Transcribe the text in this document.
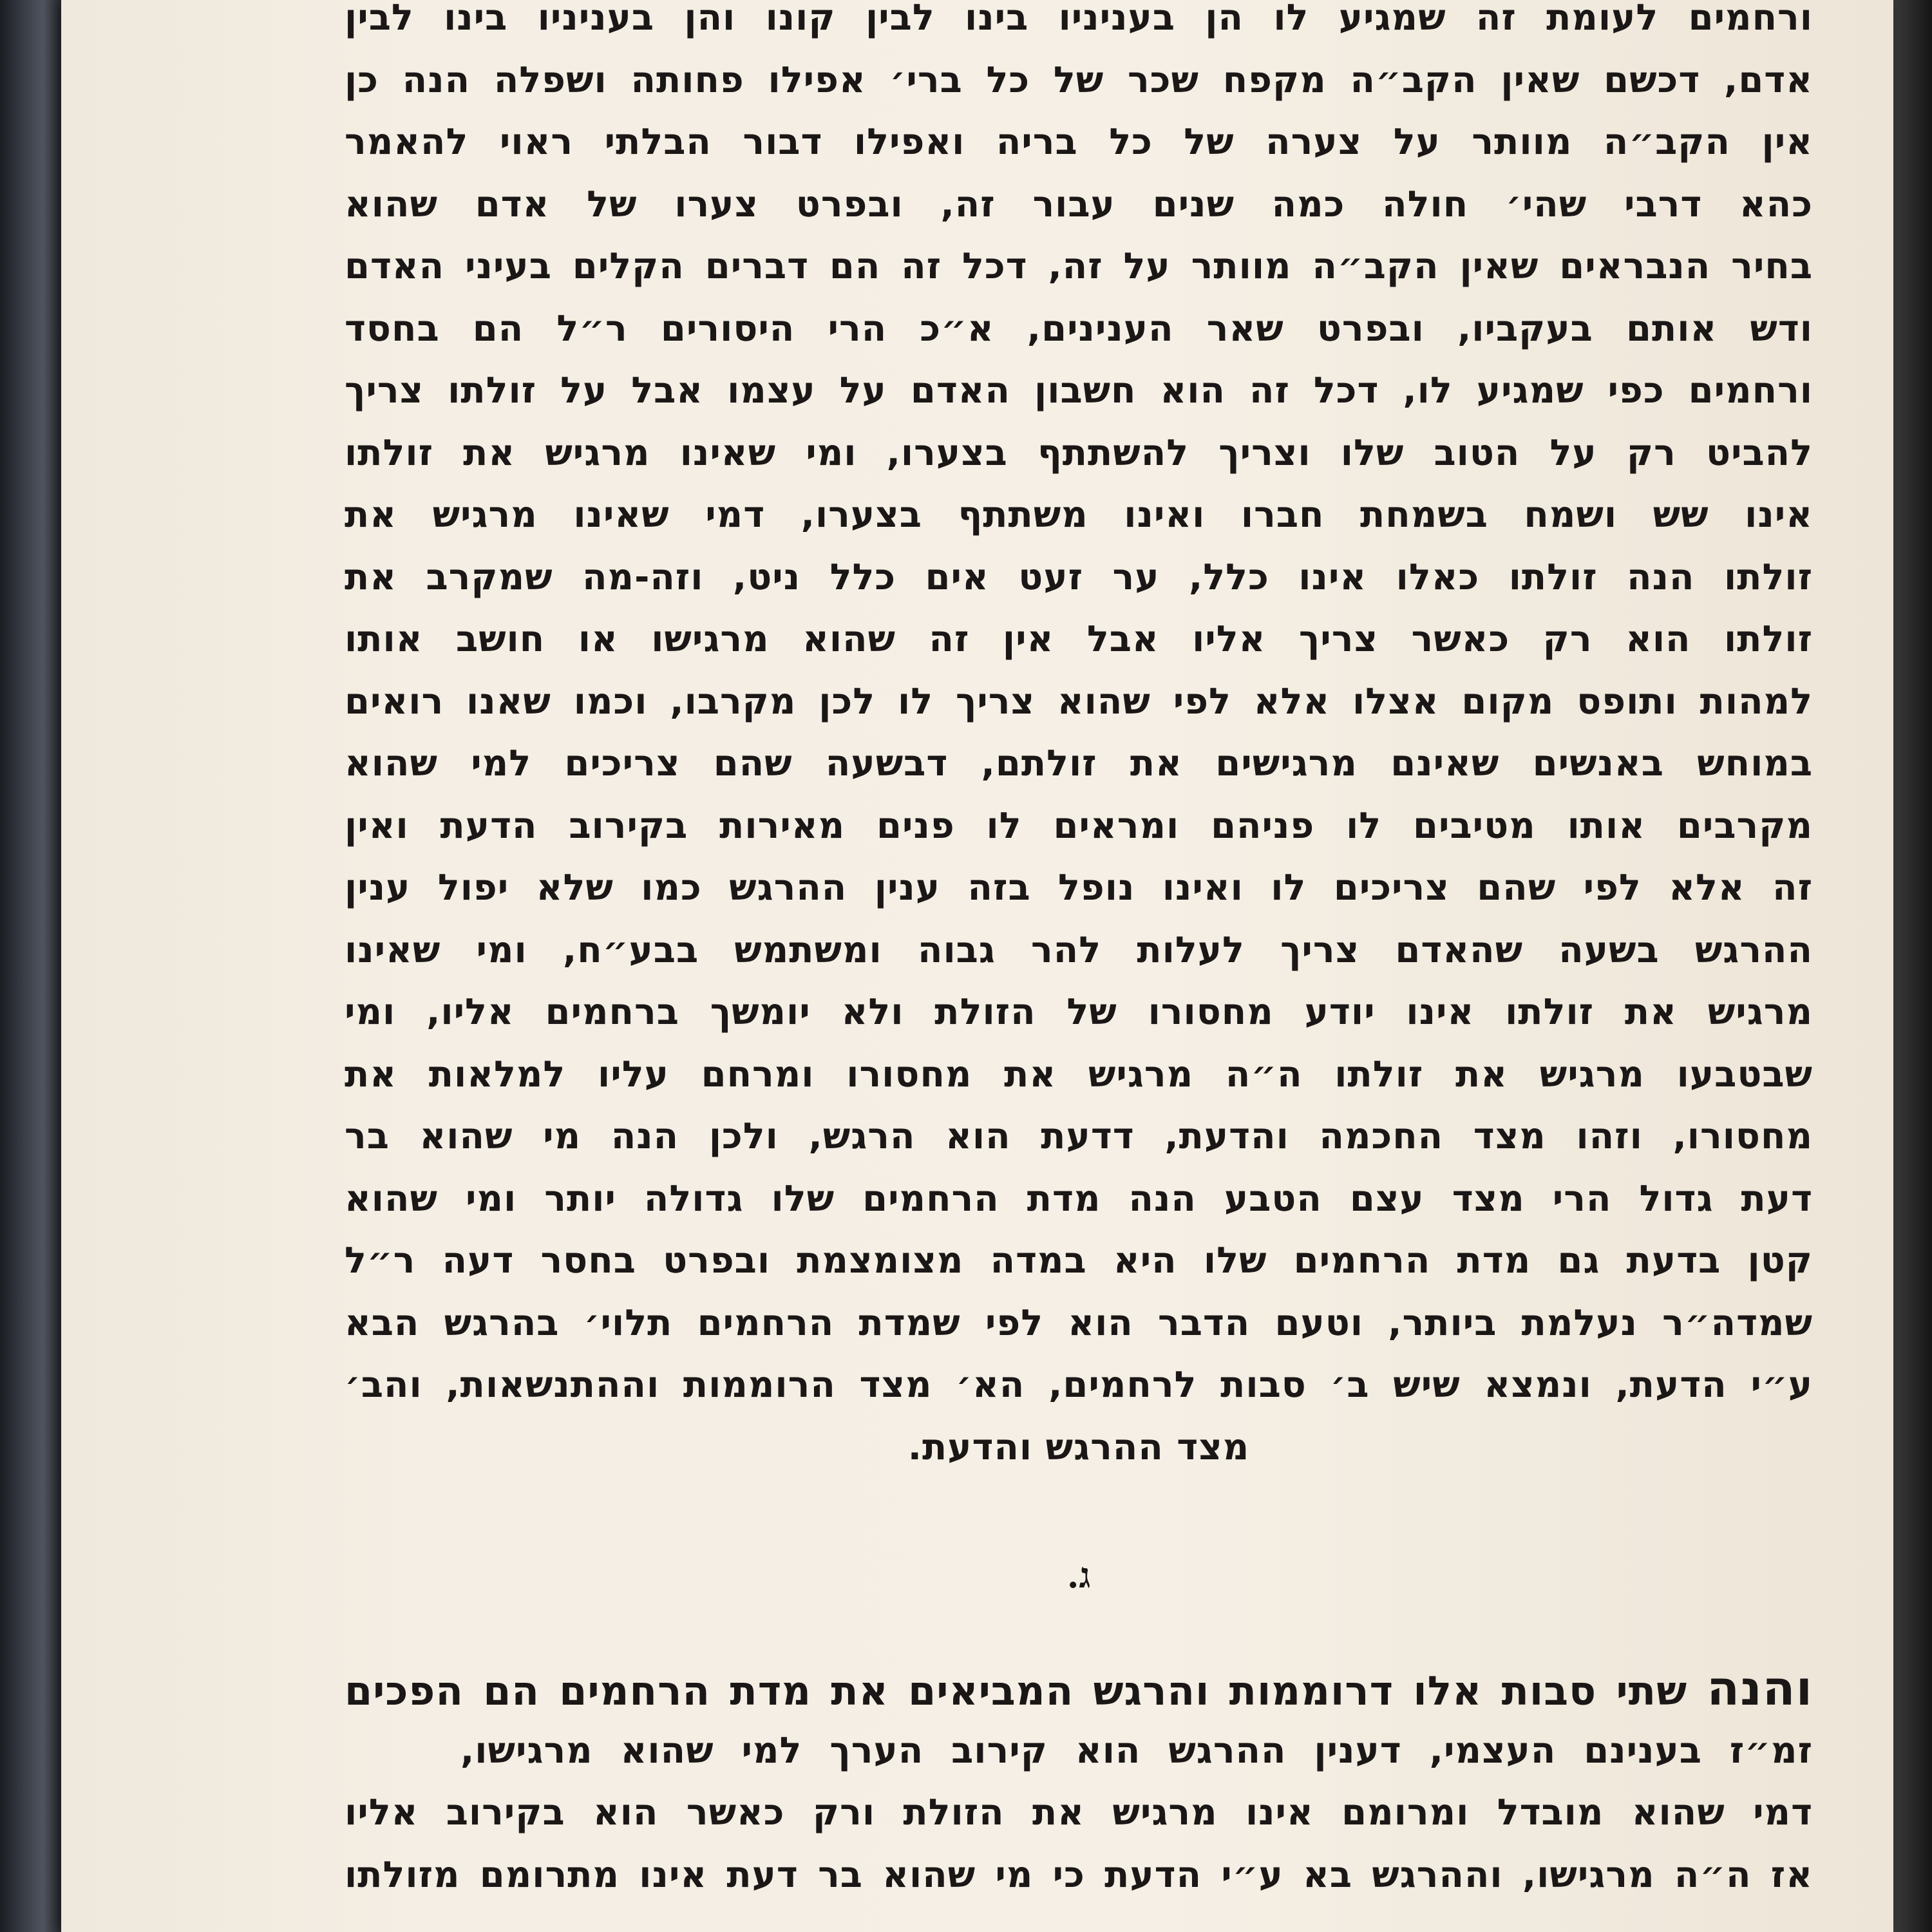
ורחמים לעומת זה שמגיע לו הן בעניניו בינו לבין קונו והן בעניניו בינו לבין
אדם, דכשם שאין הקב״ה מקפח שכר של כל ברי׳ אפילו פחותה ושפלה הנה כן
אין הקב״ה מוותר על צערה של כל בריה ואפילו דבור הבלתי ראוי להאמר
כהא דרבי שהי׳ חולה כמה שנים עבור זה, ובפרט צערו של אדם שהוא
בחיר הנבראים שאין הקב״ה מוותר על זה, דכל זה הם דברים הקלים בעיני האדם
ודש אותם בעקביו, ובפרט שאר הענינים, א״כ הרי היסורים ר״ל הם בחסד
ורחמים כפי שמגיע לו, דכל זה הוא חשבון האדם על עצמו אבל על זולתו צריך
להביט רק על הטוב שלו וצריך להשתתף בצערו, ומי שאינו מרגיש את זולתו
אינו שש ושמח בשמחת חברו ואינו משתתף בצערו, דמי שאינו מרגיש את
זולתו הנה זולתו כאלו אינו כלל, ער זעט אים כלל ניט, וזה-מה שמקרב את
זולתו הוא רק כאשר צריך אליו אבל אין זה שהוא מרגישו או חושב אותו
למהות ותופס מקום אצלו אלא לפי שהוא צריך לו לכן מקרבו, וכמו שאנו רואים
במוחש באנשים שאינם מרגישים את זולתם, דבשעה שהם צריכים למי שהוא
מקרבים אותו מטיבים לו פניהם ומראים לו פנים מאירות בקירוב הדעת ואין
זה אלא לפי שהם צריכים לו ואינו נופל בזה ענין ההרגש כמו שלא יפול ענין
ההרגש בשעה שהאדם צריך לעלות להר גבוה ומשתמש בבע״ח, ומי שאינו
מרגיש את זולתו אינו יודע מחסורו של הזולת ולא יומשך ברחמים אליו, ומי
שבטבעו מרגיש את זולתו ה״ה מרגיש את מחסורו ומרחם עליו למלאות את
מחסורו, וזהו מצד החכמה והדעת, דדעת הוא הרגש, ולכן הנה מי שהוא בר
דעת גדול הרי מצד עצם הטבע הנה מדת הרחמים שלו גדולה יותר ומי שהוא
קטן בדעת גם מדת הרחמים שלו היא במדה מצומצמת ובפרט בחסר דעה ר״ל
שמדה״ר נעלמת ביותר, וטעם הדבר הוא לפי שמדת הרחמים תלוי׳ בהרגש הבא
ע״י הדעת, ונמצא שיש ב׳ סבות לרחמים, הא׳ מצד הרוממות וההתנשאות, והב׳
מצד ההרגש והדעת.
ג.
והנה שתי סבות אלו דרוממות והרגש המביאים את מדת הרחמים הם הפכים
זמ״ז בענינם העצמי, דענין ההרגש הוא קירוב הערך למי שהוא מרגישו,
דמי שהוא מובדל ומרומם אינו מרגיש את הזולת ורק כאשר הוא בקירוב אליו
אז ה״ה מרגישו, וההרגש בא ע״י הדעת כי מי שהוא בר דעת אינו מתרומם מזולתו
